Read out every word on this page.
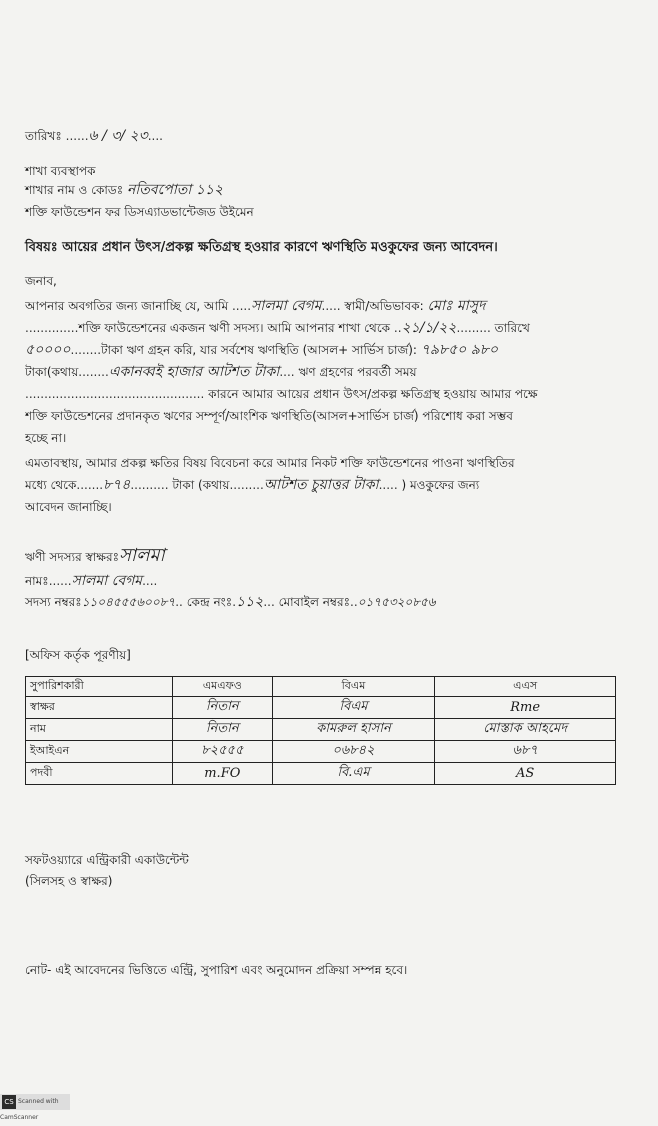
তারিখঃ ......৬ / ৩/ ২৩....
শাখা ব্যবস্থাপক
শাখার নাম ও কোডঃ নতিবপোতা ১১২
শক্তি ফাউন্ডেশন ফর ডিসএ্যাডভান্টেজড উইমেন
বিষয়ঃ আয়ের প্রধান উৎস/প্রকল্প ক্ষতিগ্রস্থ হওয়ার কারণে ঋণস্থিতি মওকুফের জন্য আবেদন।
জনাব,
আপনার অবগতির জন্য জানাচ্ছি যে, আমি .....সালমা বেগম..... স্বামী/অভিভাবক: মোঃ মাসুদ
..............শক্তি ফাউন্ডেশনের একজন ঋণী সদস্য। আমি আপনার শাখা থেকে ..২১/১/২২......... তারিখে
৫০০০০........টাকা ঋণ গ্রহন করি, যার সর্বশেষ ঋণস্থিতি (আসল+ সার্ভিস চার্জ): ৭৯৮৫০ ৯৮০
টাকা(কথায়........একানব্বই হাজার আটশত টাকা.... ঋণ গ্রহণের পরবর্তী সময়
............................................... কারনে আমার আয়ের প্রধান উৎস/প্রকল্প ক্ষতিগ্রস্থ হওয়ায় আমার পক্ষে
শক্তি ফাউন্ডেশনের প্রদানকৃত ঋণের সম্পূর্ণ/আংশিক ঋণস্থিতি(আসল+সার্ভিস চার্জ) পরিশোধ করা সম্ভব
হচ্ছে না।
এমতাবস্থায়, আমার প্রকল্প ক্ষতির বিষয় বিবেচনা করে আমার নিকট শক্তি ফাউন্ডেশনের পাওনা ঋণস্থিতির
মধ্যে থেকে.......৮৭৪.......... টাকা (কথায়.........আটশত চুয়াত্তর টাকা..... ) মওকুফের জন্য
আবেদন জানাচ্ছি।
ঋণী সদস্যর স্বাক্ষরঃসালমা
নামঃ......সালমা বেগম....
সদস্য নম্বরঃ১১০৪৫৫৫৬০০৮৭.. কেন্দ্র নংঃ.১১২... মোবাইল নম্বরঃ..০১৭৫৩২০৮৫৬
[অফিস কর্তৃক পূরণীয়]
সুপারিশকারী	এমএফও	বিএম	এএস
স্বাক্ষর	নিতান	বিএম	Rme
নাম	নিতান	কামরুল হাসান	মোস্তাক আহমেদ
ইআইএন	৮২৫৫৫	০৬৮৪২	৬৮৭
পদবী	m.FO	বি.এম	AS
সফটওয়্যারে এন্ট্রিকারী একাউন্টেন্ট
(সিলসহ ও স্বাক্ষর)
নোট- এই আবেদনের ভিত্তিতে এন্ট্রি, সুপারিশ এবং অনুমোদন প্রক্রিয়া সম্পন্ন হবে।
CS Scanned with CamScanner
